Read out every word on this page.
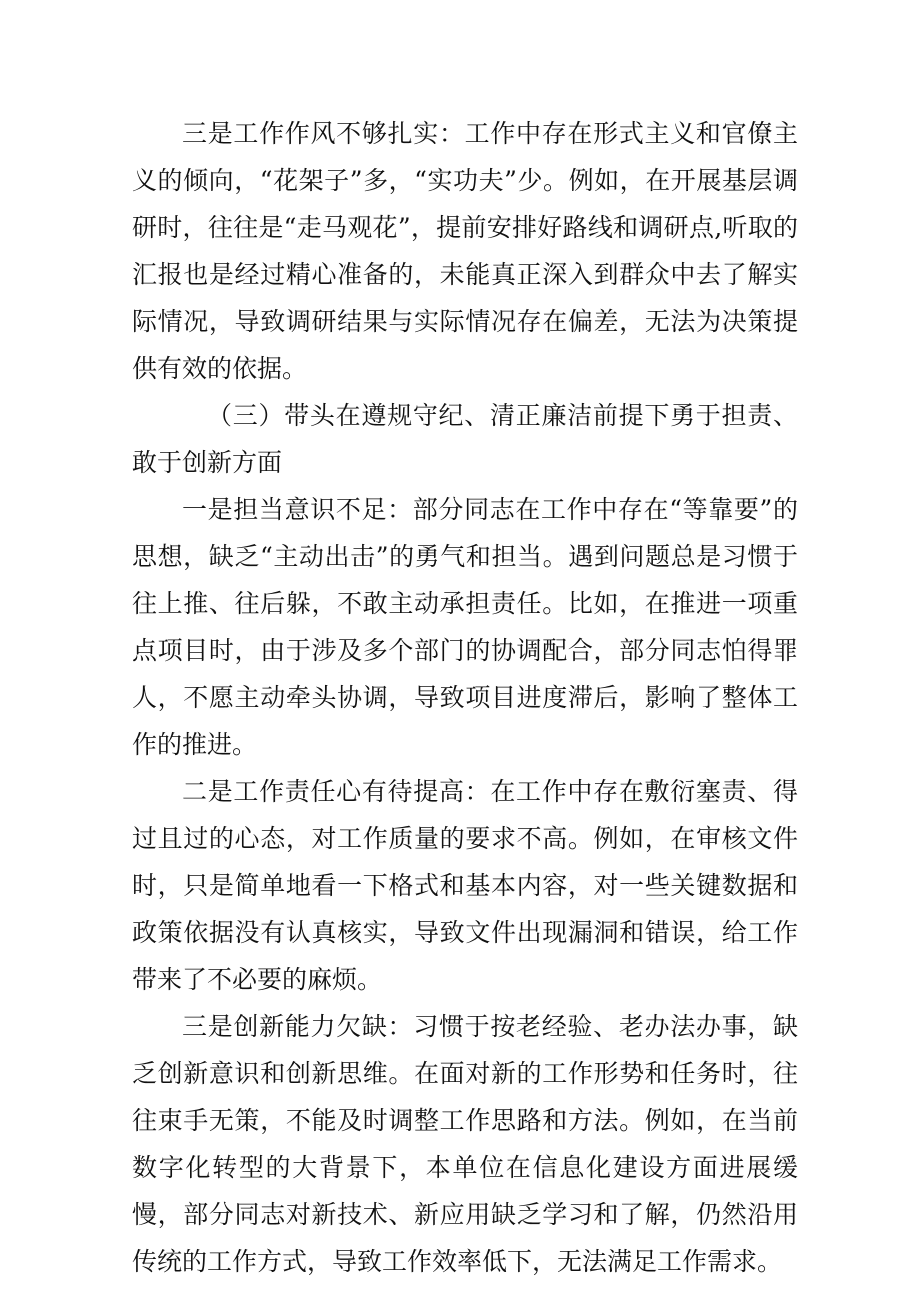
三是工作作风不够扎实：工作中存在形式主义和官僚主义的倾向，“花架子”多，“实功夫”少。例如，在开展基层调研时，往往是“走马观花”，提前安排好路线和调研点,听取的汇报也是经过精心准备的，未能真正深入到群众中去了解实际情况，导致调研结果与实际情况存在偏差，无法为决策提供有效的依据。

（三）带头在遵规守纪、清正廉洁前提下勇于担责、敢于创新方面

一是担当意识不足：部分同志在工作中存在“等靠要”的思想，缺乏“主动出击”的勇气和担当。遇到问题总是习惯于往上推、往后躲，不敢主动承担责任。比如，在推进一项重点项目时，由于涉及多个部门的协调配合，部分同志怕得罪人，不愿主动牵头协调，导致项目进度滞后，影响了整体工作的推进。

二是工作责任心有待提高：在工作中存在敷衍塞责、得过且过的心态，对工作质量的要求不高。例如，在审核文件时，只是简单地看一下格式和基本内容，对一些关键数据和政策依据没有认真核实，导致文件出现漏洞和错误，给工作带来了不必要的麻烦。

三是创新能力欠缺：习惯于按老经验、老办法办事，缺乏创新意识和创新思维。在面对新的工作形势和任务时，往往束手无策，不能及时调整工作思路和方法。例如，在当前数字化转型的大背景下，本单位在信息化建设方面进展缓慢，部分同志对新技术、新应用缺乏学习和了解，仍然沿用传统的工作方式，导致工作效率低下，无法满足工作需求。
